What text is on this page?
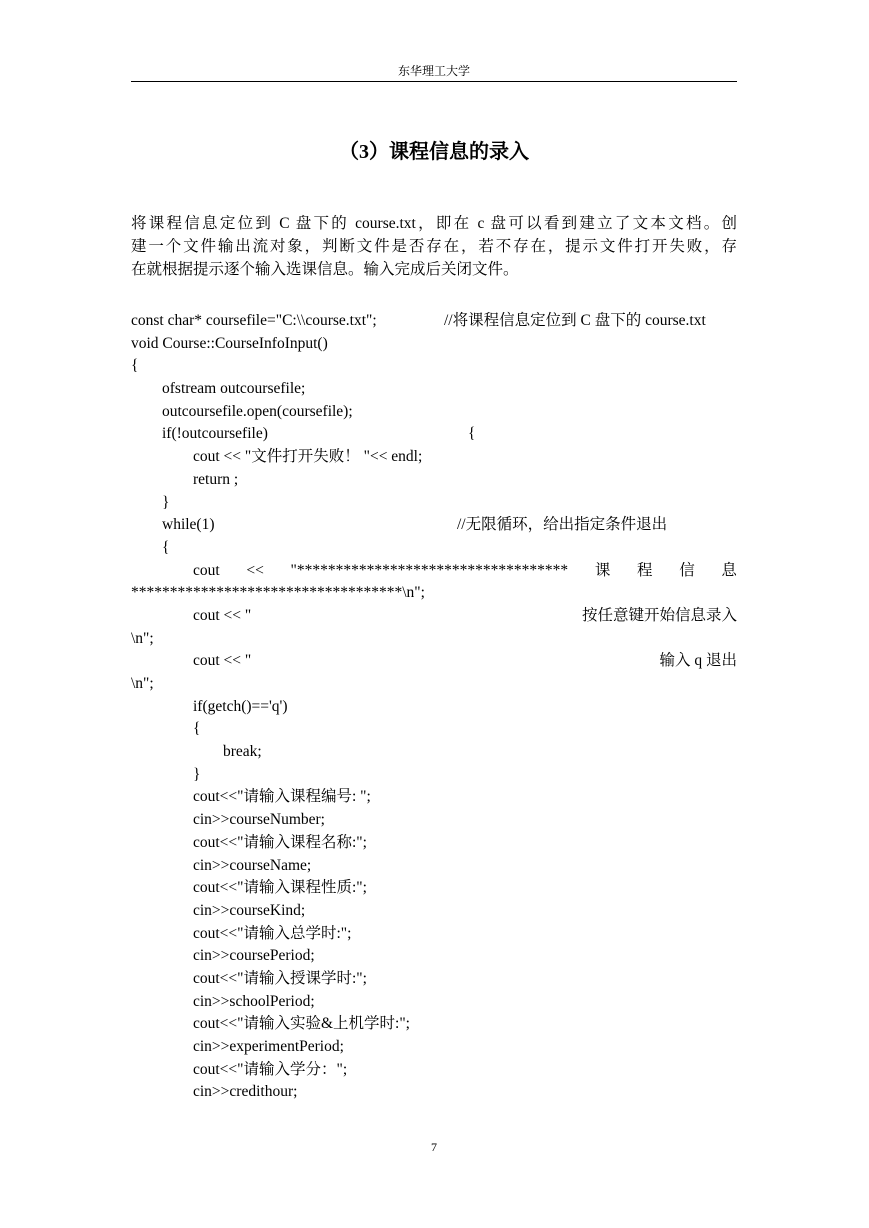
东华理工大学
（3）课程信息的录入
将课程信息定位到 C 盘下的 course.txt，即在 c 盘可以看到建立了文本文档。创
建一个文件输出流对象，判断文件是否存在，若不存在，提示文件打开失败，存
在就根据提示逐个输入选课信息。输入完成后关闭文件。
const char* coursefile="C:\\course.txt";	//将课程信息定位到 C 盘下的 course.txt
void Course::CourseInfoInput()
{
ofstream outcoursefile;
outcoursefile.open(coursefile);
if(!outcoursefile)	{
cout << "文件打开失败！ "<< endl;
return ;
}
while(1)	//无限循环，给出指定条件退出
{
cout << "*********************************** 课 程 信 息
***********************************\n";
cout << "	按任意键开始信息录入
\n";
cout << "	输入 q 退出
\n";
if(getch()=='q')
{
break;
}
cout<<"请输入课程编号: ";
cin>>courseNumber;
cout<<"请输入课程名称:";
cin>>courseName;
cout<<"请输入课程性质:";
cin>>courseKind;
cout<<"请输入总学时:";
cin>>coursePeriod;
cout<<"请输入授课学时:";
cin>>schoolPeriod;
cout<<"请输入实验&上机学时:";
cin>>experimentPeriod;
cout<<"请输入学分：";
cin>>credithour;
7
